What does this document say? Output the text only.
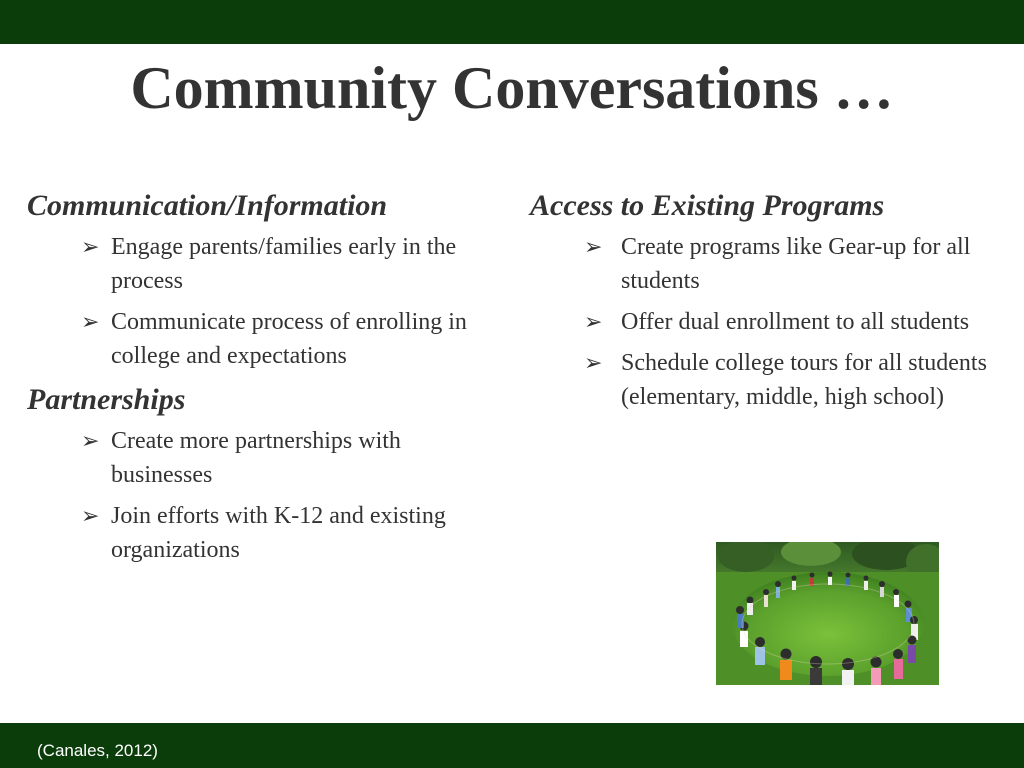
Community Conversations …

Communication/Information

➢ Engage parents/families early in the process
➢ Communicate process of enrolling in college and expectations

Partnerships

➢ Create more partnerships with businesses
➢ Join efforts with K-12 and existing organizations

Access to Existing Programs

➢ Create programs like Gear-up for all students
➢ Offer dual enrollment to all students
➢ Schedule college tours for all students (elementary, middle, high school)
(Canales, 2012)
